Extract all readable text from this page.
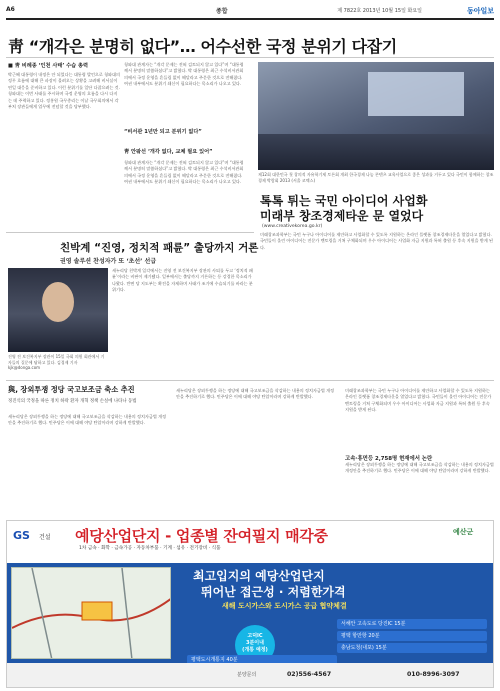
A6	종합	제 7822호 2013년 10월 15일 화요일	동아일보
靑 “개각은 분명히 없다”… 어수선한 국정 분위기 다잡기
■ 靑 비례종 ‘인천 사태’ 수습 총력
박근혜 대통령이 내정은 안 되었다는 대통령 발언으로 청와대의 정무 흐름에 대해 큰 파장이 몰려오는 상황을 고려해 비서실이 연일 대응을 준비하고 있다. 이런 분위기를 일단 다잡으려는 것. 청와대는 이번 사태를 주시하며 국정 운영의 흐름을 다시 다지는 데 주력하고 있다. 정홍원 국무총리는 이날 국무회의에서 각 부처 장관들에게 업무에 전념할 것을 당부했다.
청와대 관계자는 “개각 문제는 전혀 검토되지 않고 있다”며 “대통령께서 분명히 말씀하셨다”고 밝혔다. 박 대통령은 최근 수석비서관회의에서 국정 운영을 흔들림 없이 해달라고 주문한 것으로 전해졌다. 여권 내부에서도 분위기 쇄신이 필요하다는 목소리가 나오고 있다.
“비서관 1년만 되고 분위기 없다”
靑 안팎선 ‘개각 없다, 교체 필요 있어”
청와대 관계자는 “개각 문제는 전혀 검토되지 않고 있다”며 “대통령께서 분명히 말씀하셨다”고 밝혔다. 박 대통령은 최근 수석비서관회의에서 국정 운영을 흔들림 없이 해달라고 주문한 것으로 전해졌다. 여권 내부에서도 분위기 쇄신이 필요하다는 목소리가 나오고 있다.
제12회 대한민국 첫 창의적 자유학기제 토론회 개최 한국경제 나눔 콘텐츠 교육사업으로 좋은 성과를 거두고 있다 국민이 함께하는 창조경제 박람회 2013 (서울 코엑스)
톡톡 튀는 국민 아이디어 사업화
미래부 창조경제타운 문 열었다
(www.creativekorea.go.kr)
미래창조과학부는 국민 누구나 아이디어를 제안하고 사업화할 수 있도록 지원하는 온라인 플랫폼 창조경제타운을 열었다고 밝혔다. 국민들이 올린 아이디어는 전문가 멘토링을 거쳐 구체화되며 우수 아이디어는 사업화 자금 지원과 특허 출원 등 후속 지원을 받게 된다.
친박계 “진영, 정치적 패륜” 출당까지 거론
권영 솔루션 찬성자가 또 ‘초선’ 선급
진영 전 보건복지부 장관이 15일 국회 의원 회관에서 기자들의 질문에 답하고 있다. 김경제 기자 kjk@donga.com
새누리당 친박계 일각에서는 진영 전 보건복지부 장관의 사퇴를 두고 ‘정치적 패륜’이라는 비판이 제기됐다. 일부에서는 출당까지 거론하는 등 강경한 목소리가 나왔다. 반면 당 지도부는 확전을 자제하며 사태가 조기에 수습되기를 바라는 분위기다.
與, 장외투쟁 정당 국고보조금 축소 추진
정진석의 국정을 따른 정치 하락 환자 개혁 정책 손실에 나타나 동법
새누리당은 장외투쟁을 하는 정당에 대해 국고보조금을 삭감하는 내용의 정치자금법 개정안을 추진하기로 했다. 민주당은 이에 대해 야당 탄압이라며 강하게 반발했다.
새누리당은 장외투쟁을 하는 정당에 대해 국고보조금을 삭감하는 내용의 정치자금법 개정안을 추진하기로 했다. 민주당은 이에 대해 야당 탄압이라며 강하게 반발했다.
미래창조과학부는 국민 누구나 아이디어를 제안하고 사업화할 수 있도록 지원하는 온라인 플랫폼 창조경제타운을 열었다고 밝혔다. 국민들이 올린 아이디어는 전문가 멘토링을 거쳐 구체화되며 우수 아이디어는 사업화 자금 지원과 특허 출원 등 후속 지원을 받게 된다.
고속·휴먼등 2,758명 현재에서 논란
새누리당은 장외투쟁을 하는 정당에 대해 국고보조금을 삭감하는 내용의 정치자금법 개정안을 추진하기로 했다. 민주당은 이에 대해 야당 탄압이라며 강하게 반발했다.
GS 건설 예당산업단지 - 업종별 잔여필지 매각중
1차 금속 · 화학 · 금속가공 · 자동차부품 · 기계 · 섬유 · 전기장비 · 식품
예산군
최고입지의 예당산업단지
뛰어난 접근성 · 저렴한가격
새해 도시가스와 도시가스 공급 협약체결
고덕IC
3분이내
(개통 예정)
서해안 고속도로 당진IC 15분
평택 항만항 20분
충남도청(내포) 15분
평택도시개통지 40분
분양문의	02)556-4567	010-8996-3097
